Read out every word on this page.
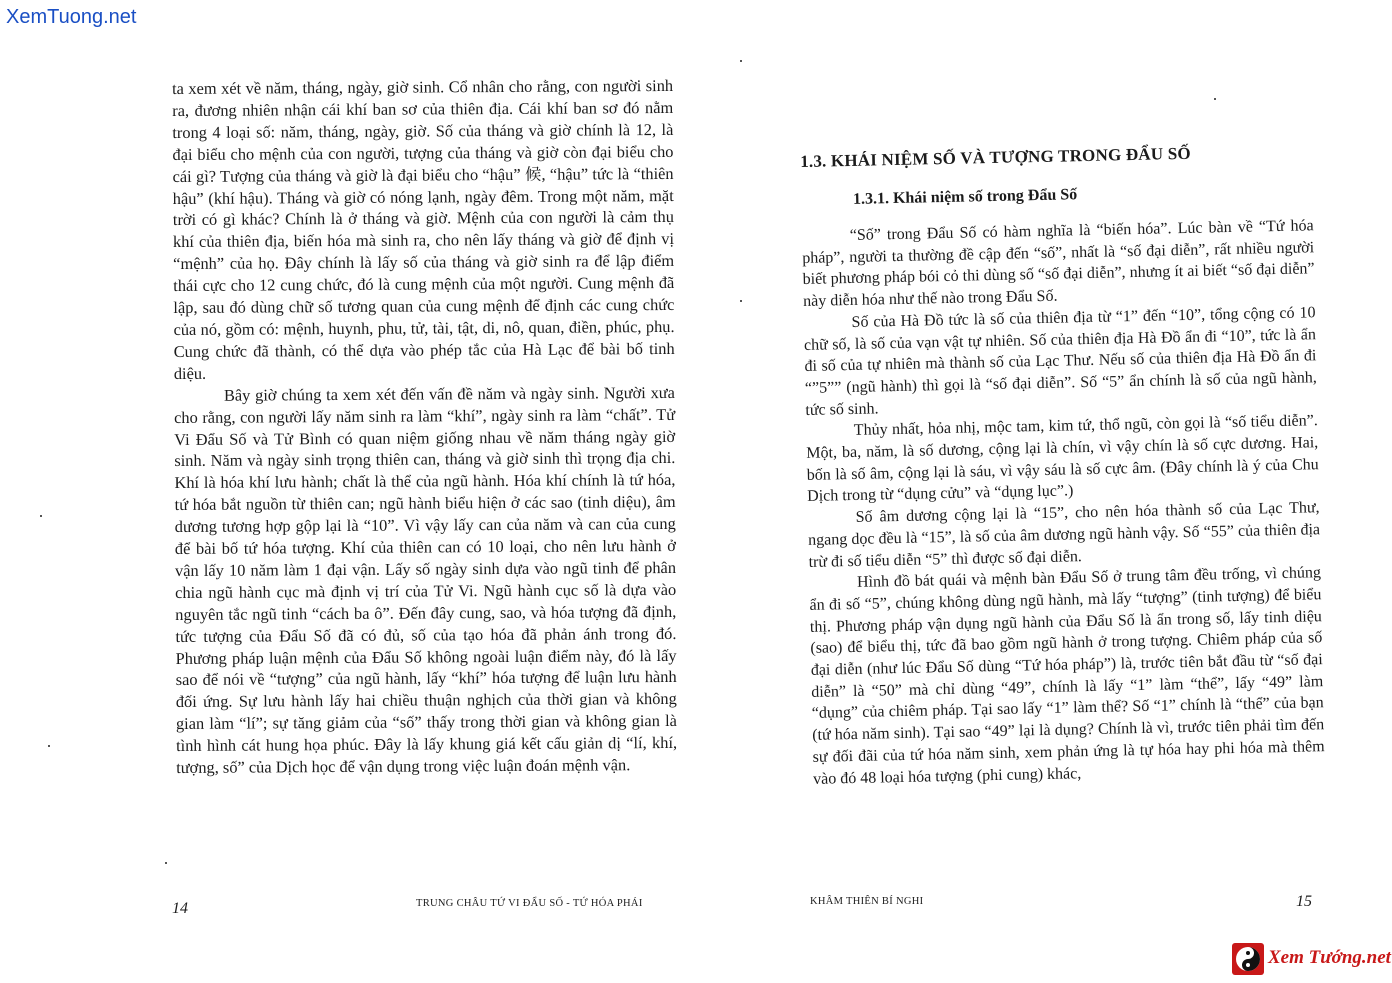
XemTuong.net

ta xem xét về năm, tháng, ngày, giờ sinh. Cổ nhân cho rằng, con người sinh ra, đương nhiên nhận cái khí ban sơ của thiên địa. Cái khí ban sơ đó nằm trong 4 loại số: năm, tháng, ngày, giờ. Số của tháng và giờ chính là 12, là đại biểu cho mệnh của con người, tượng của tháng và giờ còn đại biểu cho cái gì? Tượng của tháng và giờ là đại biểu cho “hậu” 候, “hậu” tức là “thiên hậu” (khí hậu). Tháng và giờ có nóng lạnh, ngày đêm. Trong một năm, mặt trời có gì khác? Chính là ở tháng và giờ. Mệnh của con người là cảm thụ khí của thiên địa, biến hóa mà sinh ra, cho nên lấy tháng và giờ để định vị “mệnh” của họ. Đây chính là lấy số của tháng và giờ sinh ra để lập điểm thái cực cho 12 cung chức, đó là cung mệnh của một người. Cung mệnh đã lập, sau đó dùng chữ số tương quan của cung mệnh để định các cung chức của nó, gồm có: mệnh, huynh, phu, tử, tài, tật, di, nô, quan, điền, phúc, phụ. Cung chức đã thành, có thể dựa vào phép tắc của Hà Lạc để bài bố tinh diệu.

Bây giờ chúng ta xem xét đến vấn đề năm và ngày sinh. Người xưa cho rằng, con người lấy năm sinh ra làm “khí”, ngày sinh ra làm “chất”. Tử Vi Đẩu Số và Tử Bình có quan niệm giống nhau về năm tháng ngày giờ sinh. Năm và ngày sinh trọng thiên can, tháng và giờ sinh thì trọng địa chi. Khí là hóa khí lưu hành; chất là thể của ngũ hành. Hóa khí chính là tứ hóa, tứ hóa bắt nguồn từ thiên can; ngũ hành biểu hiện ở các sao (tinh diệu), âm dương tương hợp gộp lại là “10”. Vì vậy lấy can của năm và can của cung để bài bố tứ hóa tượng. Khí của thiên can có 10 loại, cho nên lưu hành ở vận lấy 10 năm làm 1 đại vận. Lấy số ngày sinh dựa vào ngũ tinh để phân chia ngũ hành cục mà định vị trí của Tử Vi. Ngũ hành cục số là dựa vào nguyên tắc ngũ tinh “cách ba ô”. Đến đây cung, sao, và hóa tượng đã định, tức tượng của Đẩu Số đã có đủ, số của tạo hóa đã phản ánh trong đó. Phương pháp luận mệnh của Đẩu Số không ngoài luận điểm này, đó là lấy sao để nói về “tượng” của ngũ hành, lấy “khí” hóa tượng để luận lưu hành đối ứng. Sự lưu hành lấy hai chiều thuận nghịch của thời gian và không gian làm “lí”; sự tăng giảm của “số” thấy trong thời gian và không gian là tình hình cát hung họa phúc. Đây là lấy khung giá kết cấu giản dị “lí, khí, tượng, số” của Dịch học để vận dụng trong việc luận đoán mệnh vận.

14	TRUNG CHÂU TỨ VI ĐẨU SỐ - TỨ HÓA PHÁI
1.3. KHÁI NIỆM SỐ VÀ TƯỢNG TRONG ĐẨU SỐ
1.3.1. Khái niệm số trong Đẩu Số

“Số” trong Đẩu Số có hàm nghĩa là “biến hóa”. Lúc bàn về “Tứ hóa pháp”, người ta thường đề cập đến “số”, nhất là “số đại diễn”, rất nhiều người biết phương pháp bói cỏ thi dùng số “số đại diễn”, nhưng ít ai biết “số đại diễn” này diễn hóa như thế nào trong Đẩu Số.

Số của Hà Đồ tức là số của thiên địa từ “1” đến “10”, tổng cộng có 10 chữ số, là số của vạn vật tự nhiên. Số của thiên địa Hà Đồ ẩn đi “10”, tức là ẩn đi số của tự nhiên mà thành số của Lạc Thư. Nếu số của thiên địa Hà Đồ ẩn đi “”5”” (ngũ hành) thì gọi là “số đại diễn”. Số “5” ẩn chính là số của ngũ hành, tức số sinh.

Thủy nhất, hỏa nhị, mộc tam, kim tứ, thổ ngũ, còn gọi là “số tiểu diễn”. Một, ba, năm, là số dương, cộng lại là chín, vì vậy chín là số cực dương. Hai, bốn là số âm, cộng lại là sáu, vì vậy sáu là số cực âm. (Đây chính là ý của Chu Dịch trong từ “dụng cửu” và “dụng lục”.)

Số âm dương cộng lại là “15”, cho nên hóa thành số của Lạc Thư, ngang dọc đều là “15”, là số của âm dương ngũ hành vậy. Số “55” của thiên địa trừ đi số tiểu diễn “5” thì được số đại diễn.

Hình đồ bát quái và mệnh bàn Đẩu Số ở trung tâm đều trống, vì chúng ẩn đi số “5”, chúng không dùng ngũ hành, mà lấy “tượng” (tinh tượng) để biểu thị. Phương pháp vận dụng ngũ hành của Đẩu Số là ẩn trong số, lấy tinh diệu (sao) để biểu thị, tức đã bao gồm ngũ hành ở trong tượng. Chiêm pháp của số đại diễn (như lúc Đẩu Số dùng “Tứ hóa pháp”) là, trước tiên bắt đầu từ “số đại diễn” là “50” mà chỉ dùng “49”, chính là lấy “1” làm “thể”, lấy “49” làm “dụng” của chiêm pháp. Tại sao lấy “1” làm thể? Số “1” chính là “thể” của bạn (tứ hóa năm sinh). Tại sao “49” lại là dụng? Chính là vì, trước tiên phải tìm đến sự đối đãi của tứ hóa năm sinh, xem phản ứng là tự hóa hay phi hóa mà thêm vào đó 48 loại hóa tượng (phi cung) khác,

KHÂM THIÊN BÍ NGHI	15
Xem Tướng.net
